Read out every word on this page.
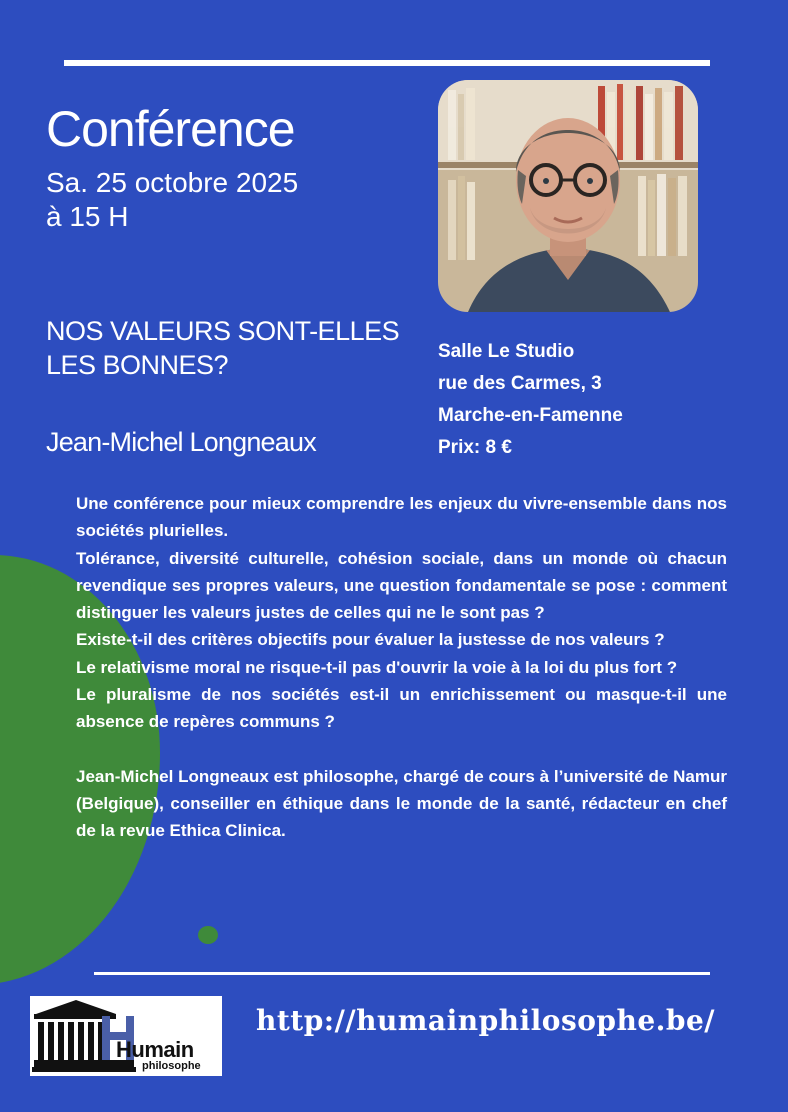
Conférence
Sa. 25 octobre 2025
à 15 H
NOS VALEURS SONT-ELLES LES BONNES?
Jean-Michel Longneaux
Salle Le Studio
rue des Carmes, 3
Marche-en-Famenne
Prix: 8 €

Une conférence pour mieux comprendre les enjeux du vivre-ensemble dans nos sociétés plurielles.

Tolérance, diversité culturelle, cohésion sociale, dans un monde où chacun revendique ses propres valeurs, une question fondamentale se pose : comment distinguer les valeurs justes de celles qui ne le sont pas ?

Existe-t-il des critères objectifs pour évaluer la justesse de nos valeurs ?

Le relativisme moral ne risque-t-il pas d'ouvrir la voie à la loi du plus fort ?

Le pluralisme de nos sociétés est-il un enrichissement ou masque-t-il une absence de repères communs ?

Jean-Michel Longneaux est philosophe, chargé de cours à l’université de Namur (Belgique), conseiller en éthique dans le monde de la santé, rédacteur en chef de la revue Ethica Clinica.

Humain
philosophe
http://humainphilosophe.be/
